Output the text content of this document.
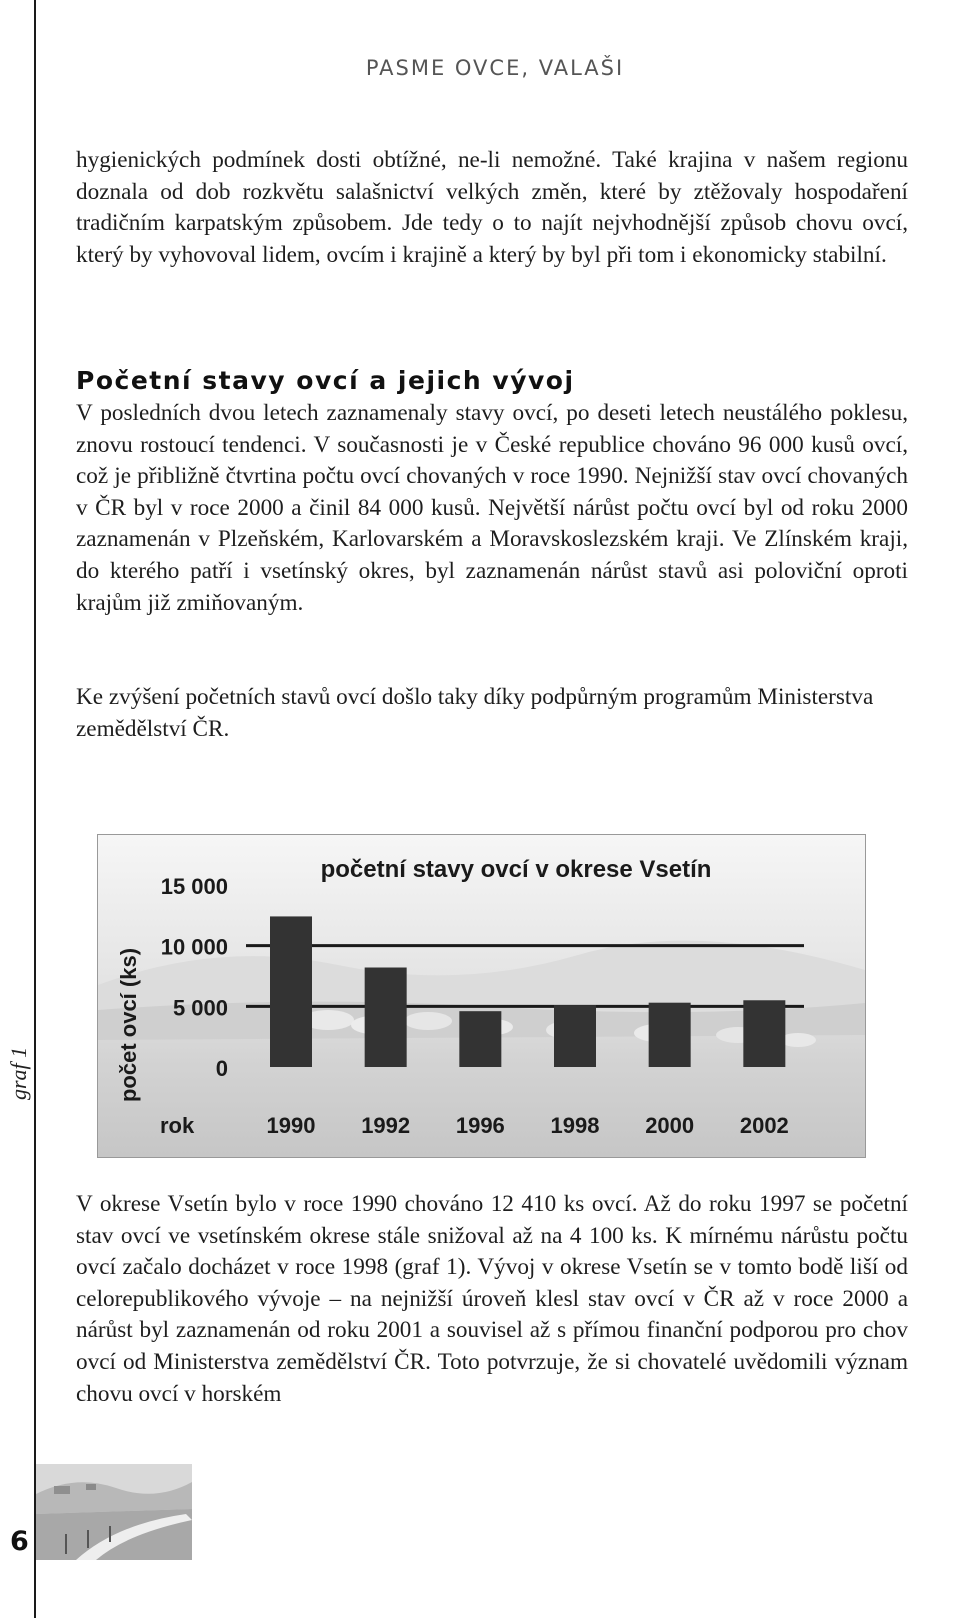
PASME OVCE, VALAŠI

hygienických podmínek dosti obtížné, ne-li nemožné. Také krajina v našem regionu doznala od dob rozkvětu salašnictví velkých změn, které by ztěžovaly hospodaření tradičním karpatským způsobem. Jde tedy o to najít nejvhodnější způsob chovu ovcí, který by vyhovoval lidem, ovcím i krajině a který by byl při tom i ekonomicky stabilní.

Početní stavy ovcí a jejich vývoj

V posledních dvou letech zaznamenaly stavy ovcí, po deseti letech neustálého poklesu, znovu rostoucí tendenci. V současnosti je v České republice chováno 96 000 kusů ovcí, což je přibližně čtvrtina počtu ovcí chovaných v roce 1990. Nejnižší stav ovcí chovaných v ČR byl v roce 2000 a činil 84 000 kusů. Největší nárůst počtu ovcí byl od roku 2000 zaznamenán v Plzeňském, Karlovarském a Moravskoslezském kraji. Ve Zlínském kraji, do kterého patří i vsetínský okres, byl zaznamenán nárůst stavů asi poloviční oproti krajům již zmiňovaným.

Ke zvýšení početních stavů ovcí došlo taky díky podpůrným programům Ministerstva zemědělství ČR.

graf 1
početní stavy ovcí v okrese Vsetín
počet ovcí (ks)
rok
0
5 000
10 000
15 000
1990 1992 1996 1998 2000 2002

V okrese Vsetín bylo v roce 1990 chováno 12 410 ks ovcí. Až do roku 1997 se početní stav ovcí ve vsetínském okrese stále snižoval až na 4 100 ks. K mírnému nárůstu počtu ovcí začalo docházet v roce 1998 (graf 1). Vývoj v okrese Vsetín se v tomto bodě liší od celorepublikového vývoje – na nejnižší úroveň klesl stav ovcí v ČR až v roce 2000 a nárůst byl zaznamenán od roku 2001 a souvisel až s přímou finanční podporou pro chov ovcí od Ministerstva zemědělství ČR. Toto potvrzuje, že si chovatelé uvědomili význam chovu ovcí v horském

6
